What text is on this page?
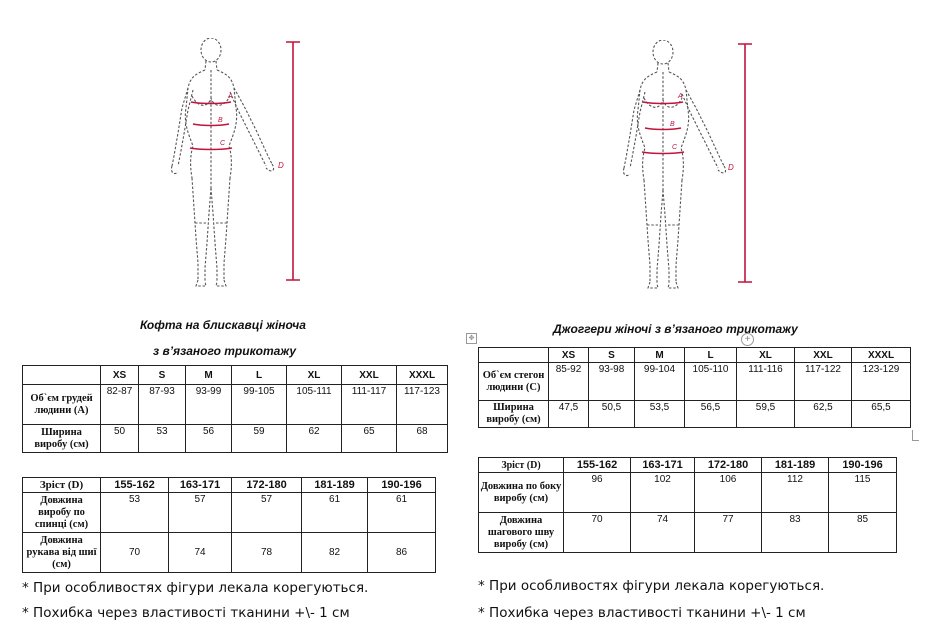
A
B
C
D
A
B
C
D
Кофта на блискавці жіноча
з в’язаного трикотажу
	XS	S	M	L	XL	XXL	XXXL
Об`єм грудей людини (А)	82-87	87-93	93-99	99-105	105-111	111-117	117-123
Ширина виробу (см)	50	53	56	59	62	65	68
Зріст (D)	155-162	163-171	172-180	181-189	190-196
Довжина виробу по спинці (см)	53	57	57	61	61
Довжина рукава від шиї (см)	70	74	78	82	86
* При особливостях фігури лекала корегуються.
* Похибка через властивості тканини +\- 1 см
Джоггери жіночі з в’язаного трикотажу
✥	+
	XS	S	M	L	XL	XXL	XXXL
Об`єм стегон людини (С)	85-92	93-98	99-104	105-110	111-116	117-122	123-129
Ширина виробу (см)	47,5	50,5	53,5	56,5	59,5	62,5	65,5
Зріст (D)	155-162	163-171	172-180	181-189	190-196
Довжина по боку виробу (см)	96	102	106	112	115
Довжина шагового шву виробу (см)	70	74	77	83	85
* При особливостях фігури лекала корегуються.
* Похибка через властивості тканини +\- 1 см
